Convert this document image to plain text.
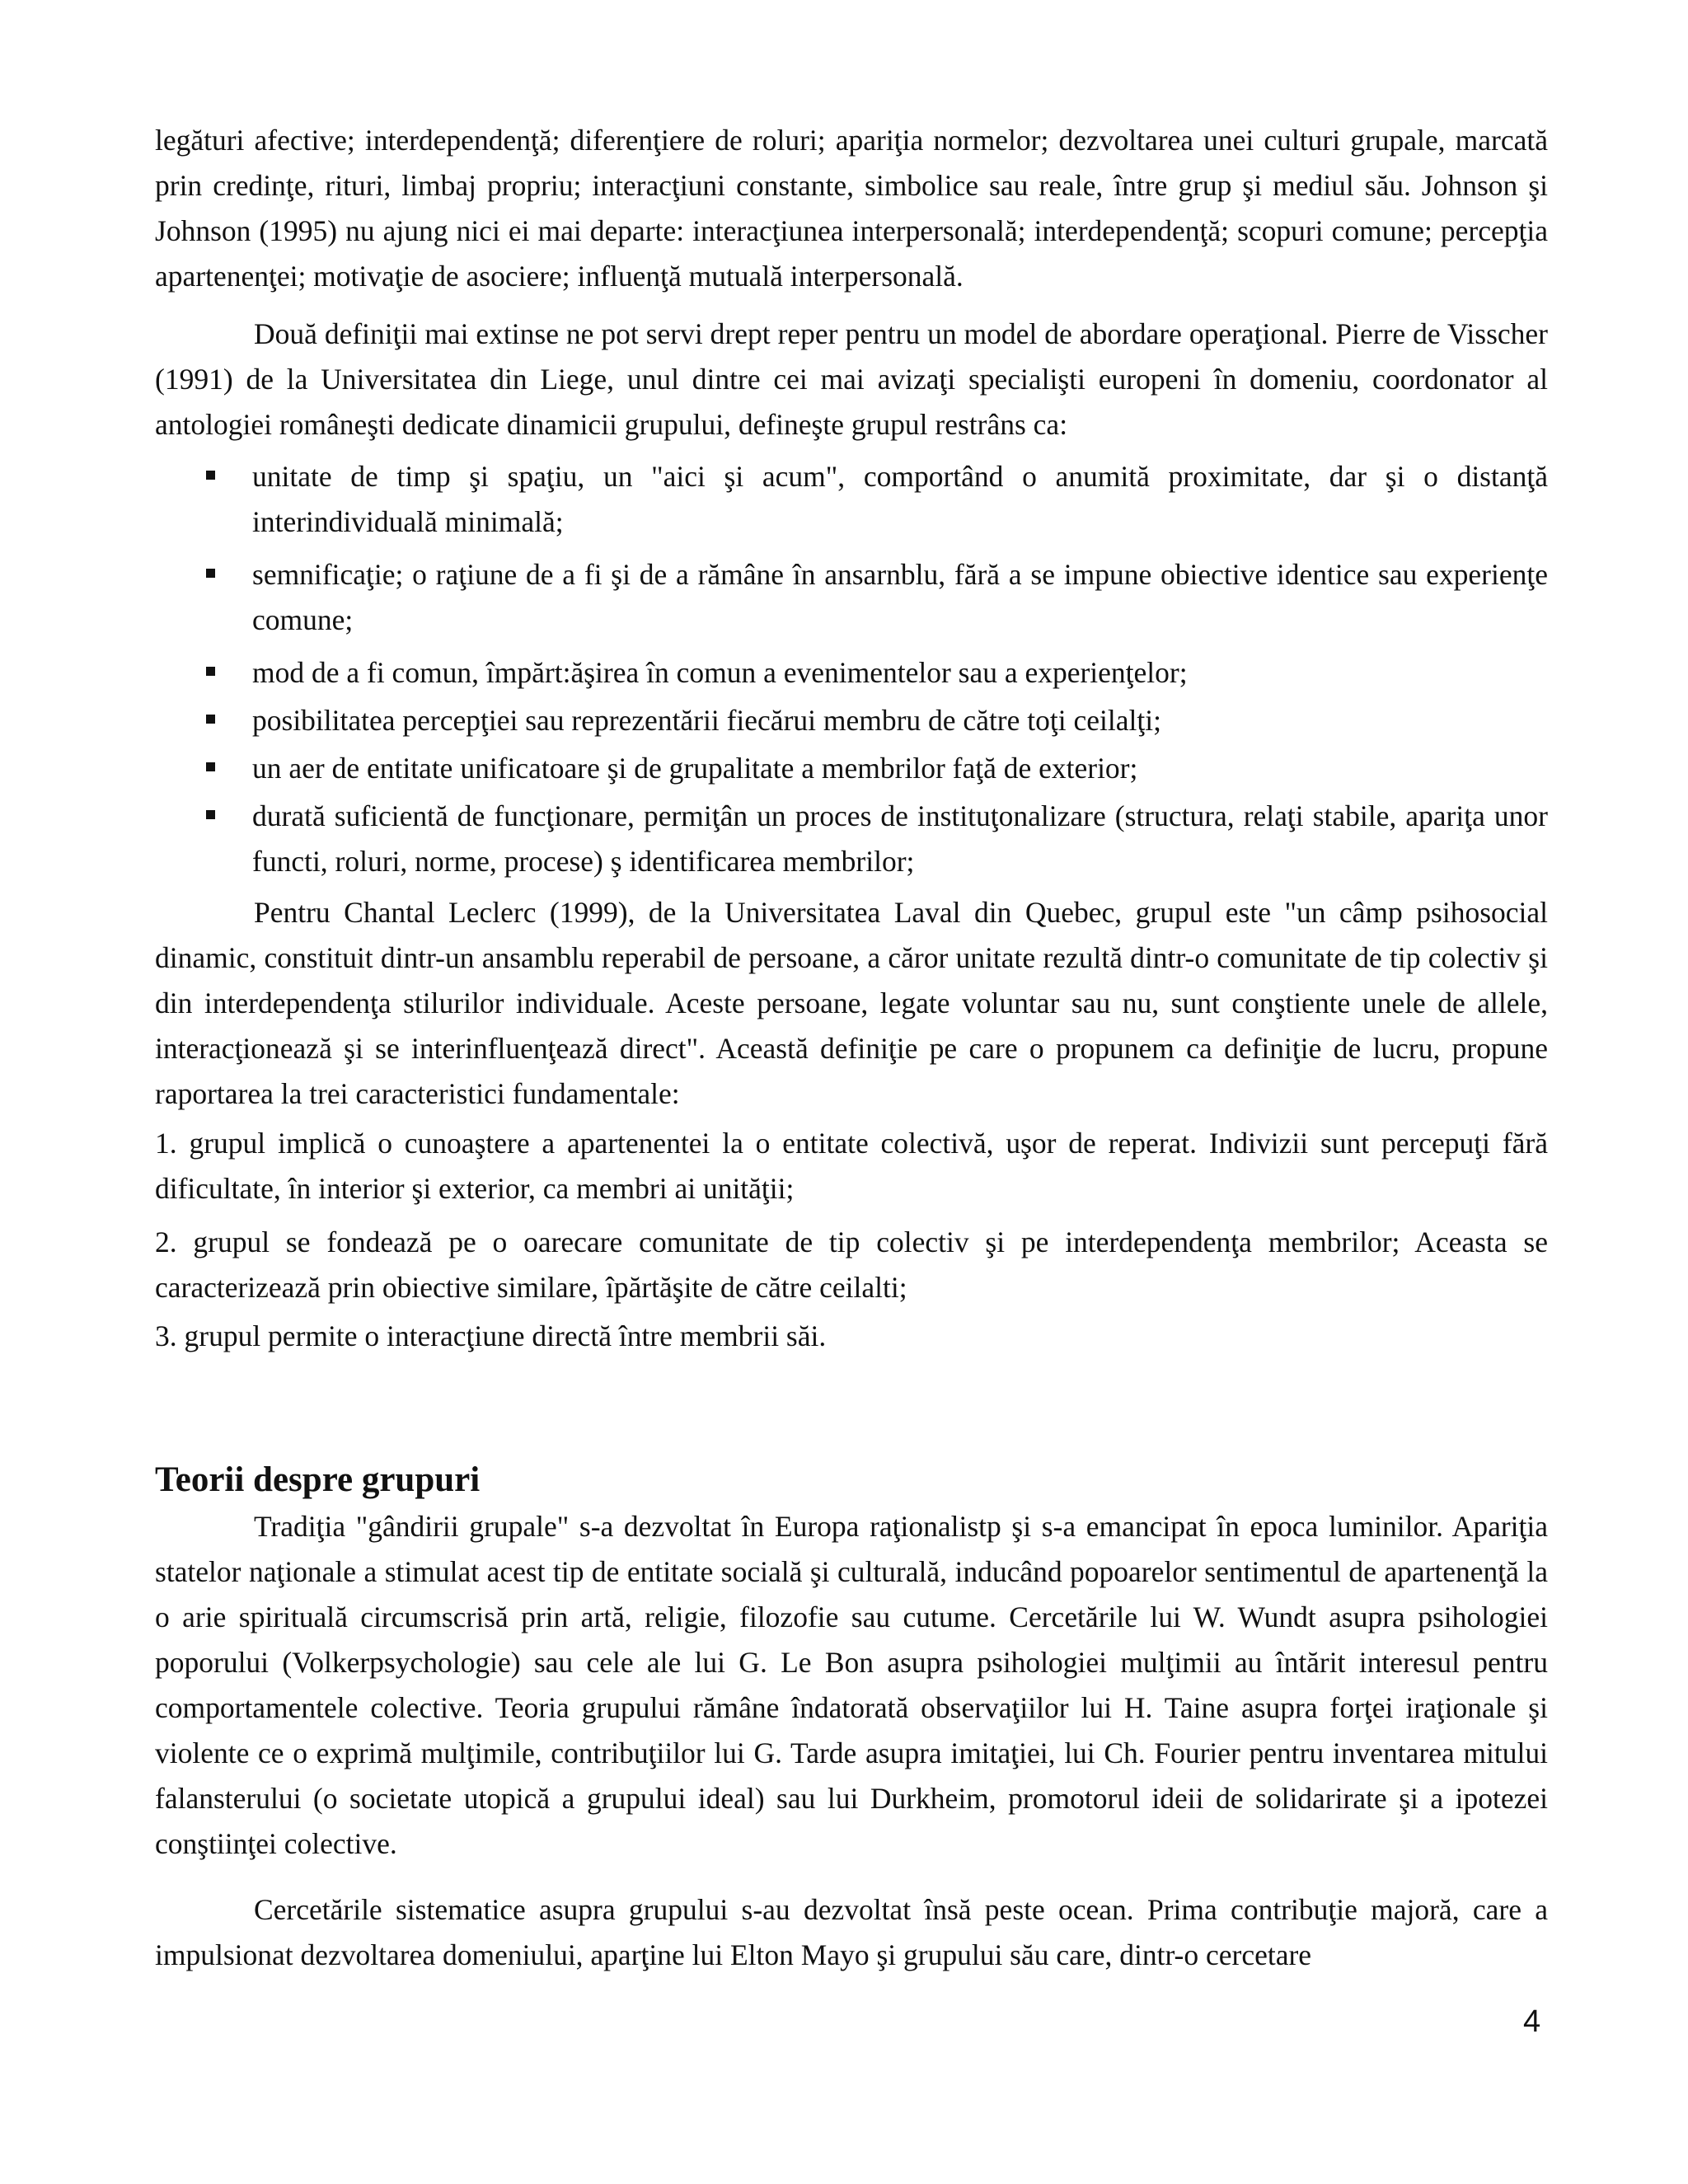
legături afective; interdependenţă; diferenţiere de roluri; apariţia normelor; dezvoltarea unei culturi grupale, marcată prin credinţe, rituri, limbaj propriu; interacţiuni constante, simbolice sau reale, între grup şi mediul său. Johnson şi Johnson (1995) nu ajung nici ei mai departe: interacţiunea interpersonală; interdependenţă; scopuri comune; percepţia apartenenţei; motivaţie de asociere; influenţă mutuală interpersonală.

Două definiţii mai extinse ne pot servi drept reper pentru un model de abordare operaţional. Pierre de Visscher (1991) de la Universitatea din Liege, unul dintre cei mai avizaţi specialişti europeni în domeniu, coordonator al antologiei româneşti dedicate dinamicii grupului, defineşte grupul restrâns ca:

unitate de timp şi spaţiu, un "aici şi acum", comportând o anumită proximitate, dar şi o distanţă interindividuală minimală;
semnificaţie; o raţiune de a fi şi de a rămâne în ansarnblu, fără a se impune obiective identice sau experienţe comune;
mod de a fi comun, împărt:ăşirea în comun a evenimentelor sau a experienţelor;
posibilitatea percepţiei sau reprezentării fiecărui membru de către toţi ceilalţi;
un aer de entitate unificatoare şi de grupalitate a membrilor faţă de exterior;
durată suficientă de funcţionare, permiţân un proces de instituţonalizare (structura, relaţi stabile, apariţa unor functi, roluri, norme, procese) ş identificarea membrilor;

Pentru Chantal Leclerc (1999), de la Universitatea Laval din Quebec, grupul este "un câmp psihosocial dinamic, constituit dintr-un ansamblu reperabil de persoane, a căror unitate rezultă dintr-o comunitate de tip colectiv şi din interdependenţa stilurilor individuale. Aceste persoane, legate voluntar sau nu, sunt conştiente unele de allele, interacţionează şi se interinfluenţează direct". Această definiţie pe care o propunem ca definiţie de lucru, propune raportarea la trei caracteristici fundamentale:

1. grupul implică o cunoaştere a apartenentei la o entitate colectivă, uşor de reperat. Indivizii sunt percepuţi fără dificultate, în interior şi exterior, ca membri ai unităţii;

2. grupul se fondează pe o oarecare comunitate de tip colectiv şi pe interdependenţa membrilor; Aceasta se caracterizează prin obiective similare, îpărtăşite de către ceilalti;

3. grupul permite o interacţiune directă între membrii săi.

Teorii despre grupuri

Tradiţia "gândirii grupale" s-a dezvoltat în Europa raţionalistp şi s-a emancipat în epoca luminilor. Apariţia statelor naţionale a stimulat acest tip de entitate socială şi culturală, inducând popoarelor sentimentul de apartenenţă la o arie spirituală circumscrisă prin artă, religie, filozofie sau cutume. Cercetările lui W. Wundt asupra psihologiei poporului (Volkerpsychologie) sau cele ale lui G. Le Bon asupra psihologiei mulţimii au întărit interesul pentru comportamentele colective. Teoria grupului rămâne îndatorată observaţiilor lui H. Taine asupra forţei iraţionale şi violente ce o exprimă mulţimile, contribuţiilor lui G. Tarde asupra imitaţiei, lui Ch. Fourier pentru inventarea mitului falansterului (o societate utopică a grupului ideal) sau lui Durkheim, promotorul ideii de solidarirate şi a ipotezei conştiinţei colective.

Cercetările sistematice asupra grupului s-au dezvoltat însă peste ocean. Prima contribuţie majoră, care a impulsionat dezvoltarea domeniului, aparţine lui Elton Mayo şi grupului său care, dintr-o cercetare

4
